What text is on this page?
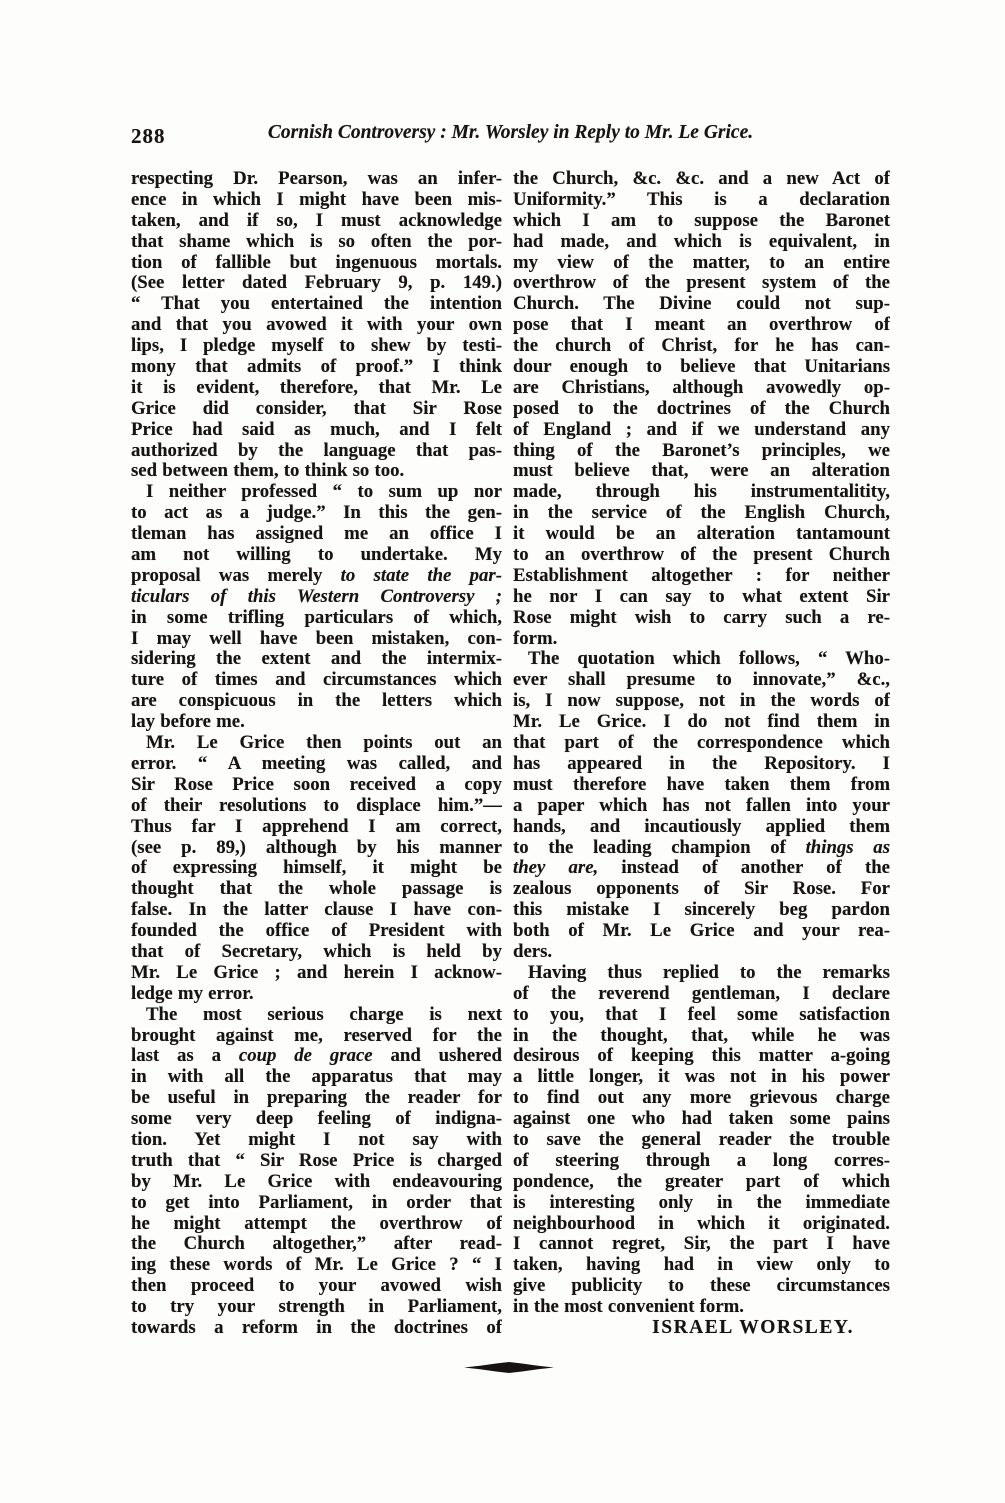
288	Cornish Controversy : Mr. Worsley in Reply to Mr. Le Grice.
respecting Dr. Pearson, was an infer-
ence in which I might have been mis-
taken, and if so, I must acknowledge
that shame which is so often the por-
tion of fallible but ingenuous mortals.
(See letter dated February 9, p. 149.)
“ That you entertained the intention
and that you avowed it with your own
lips, I pledge myself to shew by testi-
mony that admits of proof.” I think
it is evident, therefore, that Mr. Le
Grice did consider, that Sir Rose
Price had said as much, and I felt
authorized by the language that pas-
sed between them, to think so too.
I neither professed “ to sum up nor
to act as a judge.” In this the gen-
tleman has assigned me an office I
am not willing to undertake. My
proposal was merely to state the par-
ticulars of this Western Controversy ;
in some trifling particulars of which,
I may well have been mistaken, con-
sidering the extent and the intermix-
ture of times and circumstances which
are conspicuous in the letters which
lay before me.
Mr. Le Grice then points out an
error. “ A meeting was called, and
Sir Rose Price soon received a copy
of their resolutions to displace him.”—
Thus far I apprehend I am correct,
(see p. 89,) although by his manner
of expressing himself, it might be
thought that the whole passage is
false. In the latter clause I have con-
founded the office of President with
that of Secretary, which is held by
Mr. Le Grice ; and herein I acknow-
ledge my error.
The most serious charge is next
brought against me, reserved for the
last as a coup de grace and ushered
in with all the apparatus that may
be useful in preparing the reader for
some very deep feeling of indigna-
tion. Yet might I not say with
truth that “ Sir Rose Price is charged
by Mr. Le Grice with endeavouring
to get into Parliament, in order that
he might attempt the overthrow of
the Church altogether,” after read-
ing these words of Mr. Le Grice ? “ I
then proceed to your avowed wish
to try your strength in Parliament,
towards a reform in the doctrines of
the Church, &c. &c. and a new Act of
Uniformity.” This is a declaration
which I am to suppose the Baronet
had made, and which is equivalent, in
my view of the matter, to an entire
overthrow of the present system of the
Church. The Divine could not sup-
pose that I meant an overthrow of
the church of Christ, for he has can-
dour enough to believe that Unitarians
are Christians, although avowedly op-
posed to the doctrines of the Church
of England ; and if we understand any
thing of the Baronet’s principles, we
must believe that, were an alteration
made, through his instrumentalitity,
in the service of the English Church,
it would be an alteration tantamount
to an overthrow of the present Church
Establishment altogether : for neither
he nor I can say to what extent Sir
Rose might wish to carry such a re-
form.
The quotation which follows, “ Who-
ever shall presume to innovate,” &c.,
is, I now suppose, not in the words of
Mr. Le Grice. I do not find them in
that part of the correspondence which
has appeared in the Repository. I
must therefore have taken them from
a paper which has not fallen into your
hands, and incautiously applied them
to the leading champion of things as
they are, instead of another of the
zealous opponents of Sir Rose. For
this mistake I sincerely beg pardon
both of Mr. Le Grice and your rea-
ders.
Having thus replied to the remarks
of the reverend gentleman, I declare
to you, that I feel some satisfaction
in the thought, that, while he was
desirous of keeping this matter a-going
a little longer, it was not in his power
to find out any more grievous charge
against one who had taken some pains
to save the general reader the trouble
of steering through a long corres-
pondence, the greater part of which
is interesting only in the immediate
neighbourhood in which it originated.
I cannot regret, Sir, the part I have
taken, having had in view only to
give publicity to these circumstances
in the most convenient form.
ISRAEL WORSLEY.
